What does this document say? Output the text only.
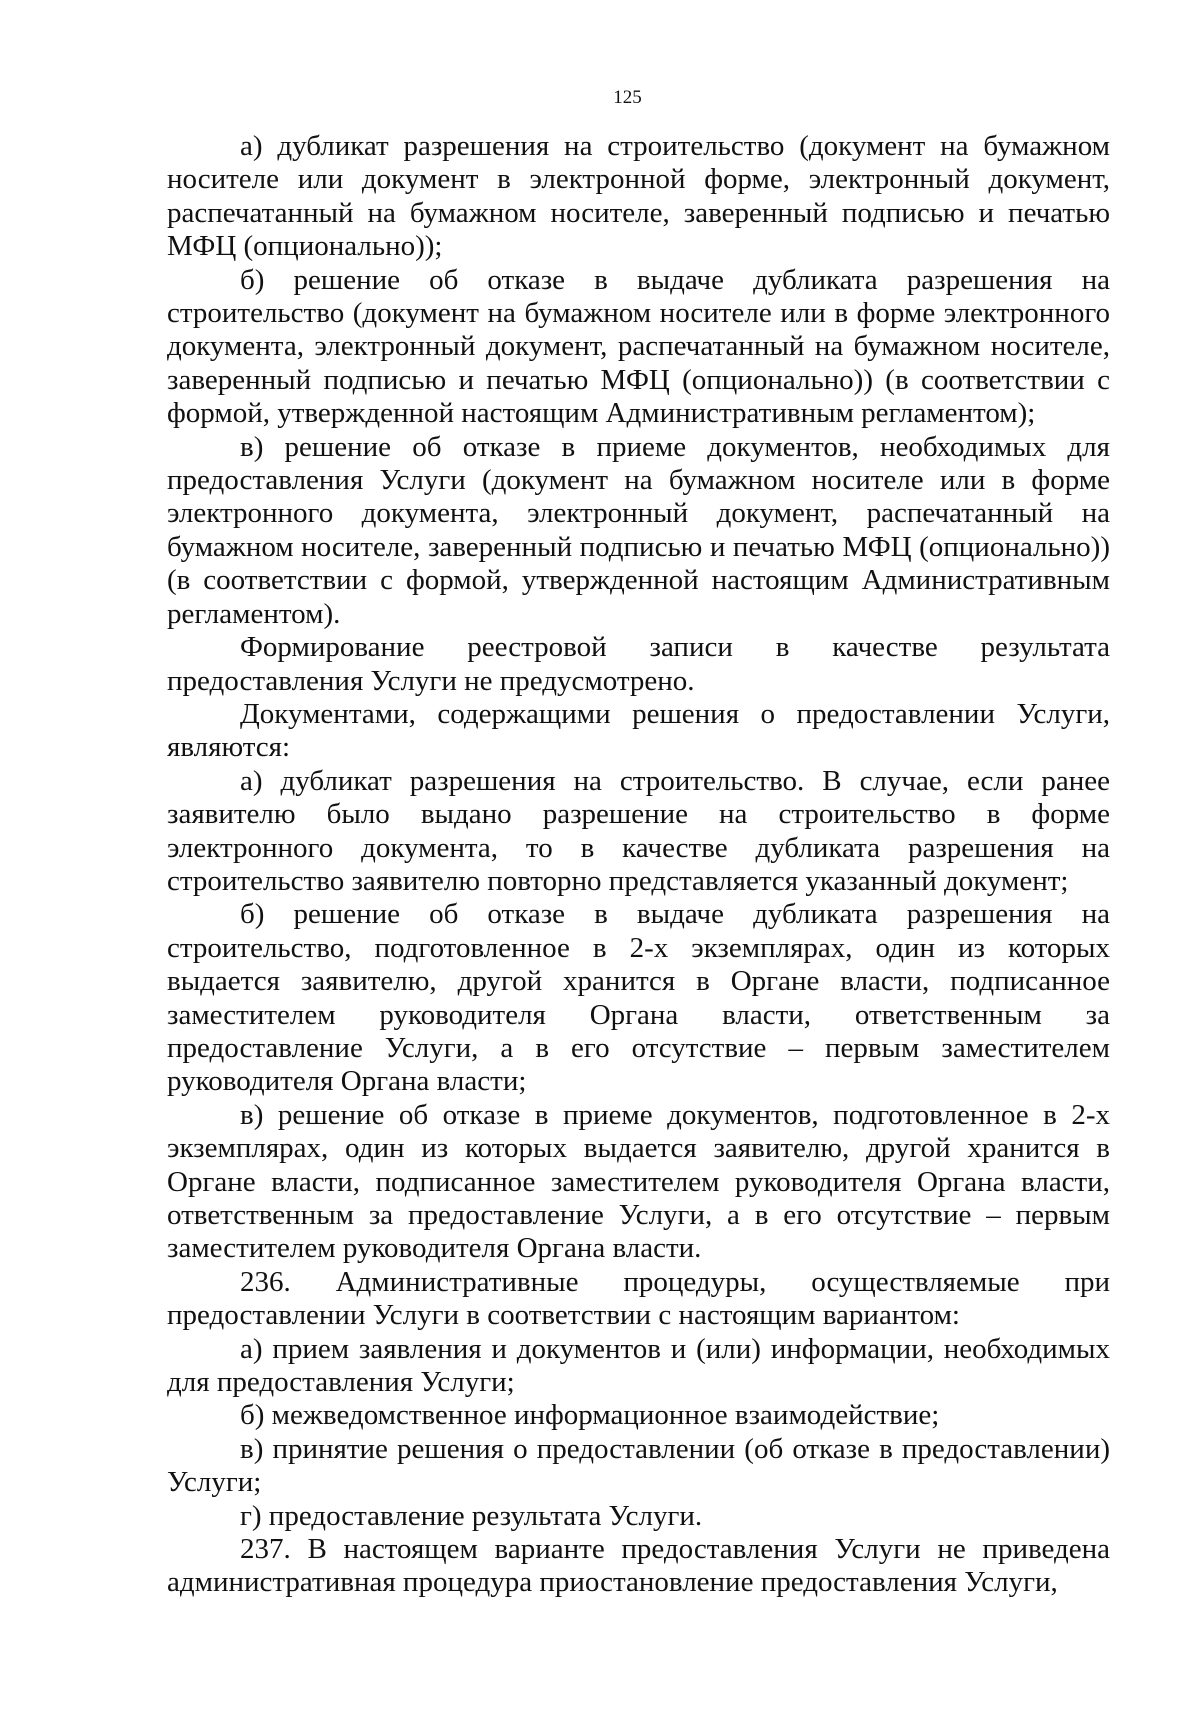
125

а) дубликат разрешения на строительство (документ на бумажном носителе или документ в электронной форме, электронный документ, распечатанный на бумажном носителе, заверенный подписью и печатью МФЦ (опционально));

б) решение об отказе в выдаче дубликата разрешения на строительство (документ на бумажном носителе или в форме электронного документа, электронный документ, распечатанный на бумажном носителе, заверенный подписью и печатью МФЦ (опционально)) (в соответствии с формой, утвержденной настоящим Административным регламентом);

в) решение об отказе в приеме документов, необходимых для предоставления Услуги (документ на бумажном носителе или в форме электронного документа, электронный документ, распечатанный на бумажном носителе, заверенный подписью и печатью МФЦ (опционально)) (в соответствии с формой, утвержденной настоящим Административным регламентом).

Формирование реестровой записи в качестве результата предоставления Услуги не предусмотрено.

Документами, содержащими решения о предоставлении Услуги, являются:

а) дубликат разрешения на строительство. В случае, если ранее заявителю было выдано разрешение на строительство в форме электронного документа, то в качестве дубликата разрешения на строительство заявителю повторно представляется указанный документ;

б) решение об отказе в выдаче дубликата разрешения на строительство, подготовленное в 2-х экземплярах, один из которых выдается заявителю, другой хранится в Органе власти, подписанное заместителем руководителя Органа власти, ответственным за предоставление Услуги, а в его отсутствие – первым заместителем руководителя Органа власти;

в) решение об отказе в приеме документов, подготовленное в 2-х экземплярах, один из которых выдается заявителю, другой хранится в Органе власти, подписанное заместителем руководителя Органа власти, ответственным за предоставление Услуги, а в его отсутствие – первым заместителем руководителя Органа власти.

236. Административные процедуры, осуществляемые при предоставлении Услуги в соответствии с настоящим вариантом:

а) прием заявления и документов и (или) информации, необходимых для предоставления Услуги;

б) межведомственное информационное взаимодействие;

в) принятие решения о предоставлении (об отказе в предоставлении) Услуги;

г) предоставление результата Услуги.

237. В настоящем варианте предоставления Услуги не приведена административная процедура приостановление предоставления Услуги,
